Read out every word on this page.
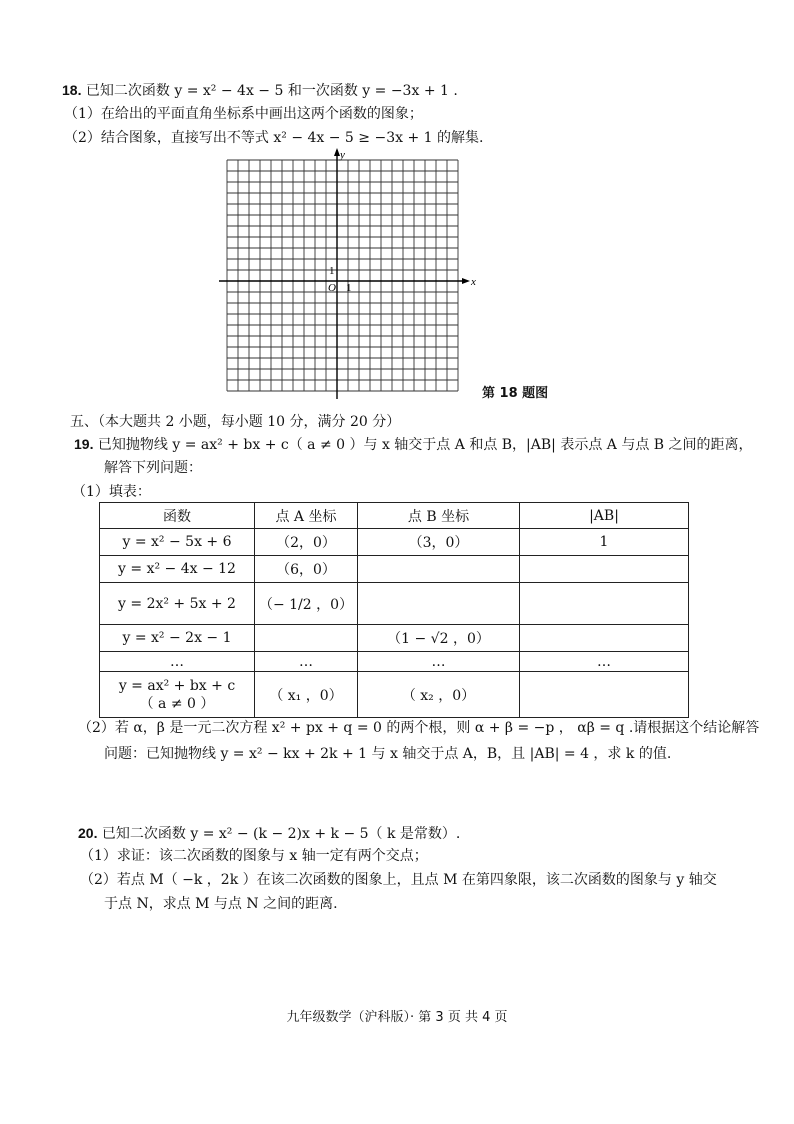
18. 已知二次函数 y = x² − 4x − 5 和一次函数 y = −3x + 1 .
（1）在给出的平面直角坐标系中画出这两个函数的图象；
（2）结合图象，直接写出不等式 x² − 4x − 5 ≥ −3x + 1 的解集.
x
y
O 1
1
第 18 题图
五、（本大题共 2 小题，每小题 10 分，满分 20 分）
19. 已知抛物线 y = ax² + bx + c（ a ≠ 0 ）与 x 轴交于点 A 和点 B，|AB| 表示点 A 与点 B 之间的距离，
解答下列问题：
（1）填表：
函数	点 A 坐标	点 B 坐标	|AB|
y = x² − 5x + 6	（2，0）	（3，0）	1
y = x² − 4x − 12	（6，0）		
y = 2x² + 5x + 2	（− 1/2 ，0）		
y = x² − 2x − 1		（1 − √2 ，0）	
…	…	…	…
y = ax² + bx + c
（ a ≠ 0 ）	（ x₁ ，0）	（ x₂ ，0）	
（2）若 α，β 是一元二次方程 x² + px + q = 0 的两个根，则 α + β = −p ， αβ = q .请根据这个结论解答
问题：已知抛物线 y = x² − kx + 2k + 1 与 x 轴交于点 A，B，且 |AB| = 4 ，求 k 的值.
20. 已知二次函数 y = x² − (k − 2)x + k − 5（ k 是常数）.
（1）求证：该二次函数的图象与 x 轴一定有两个交点；
（2）若点 M（ −k ，2k ）在该二次函数的图象上，且点 M 在第四象限，该二次函数的图象与 y 轴交
于点 N，求点 M 与点 N 之间的距离.
九年级数学（沪科版）· 第 3 页 共 4 页
